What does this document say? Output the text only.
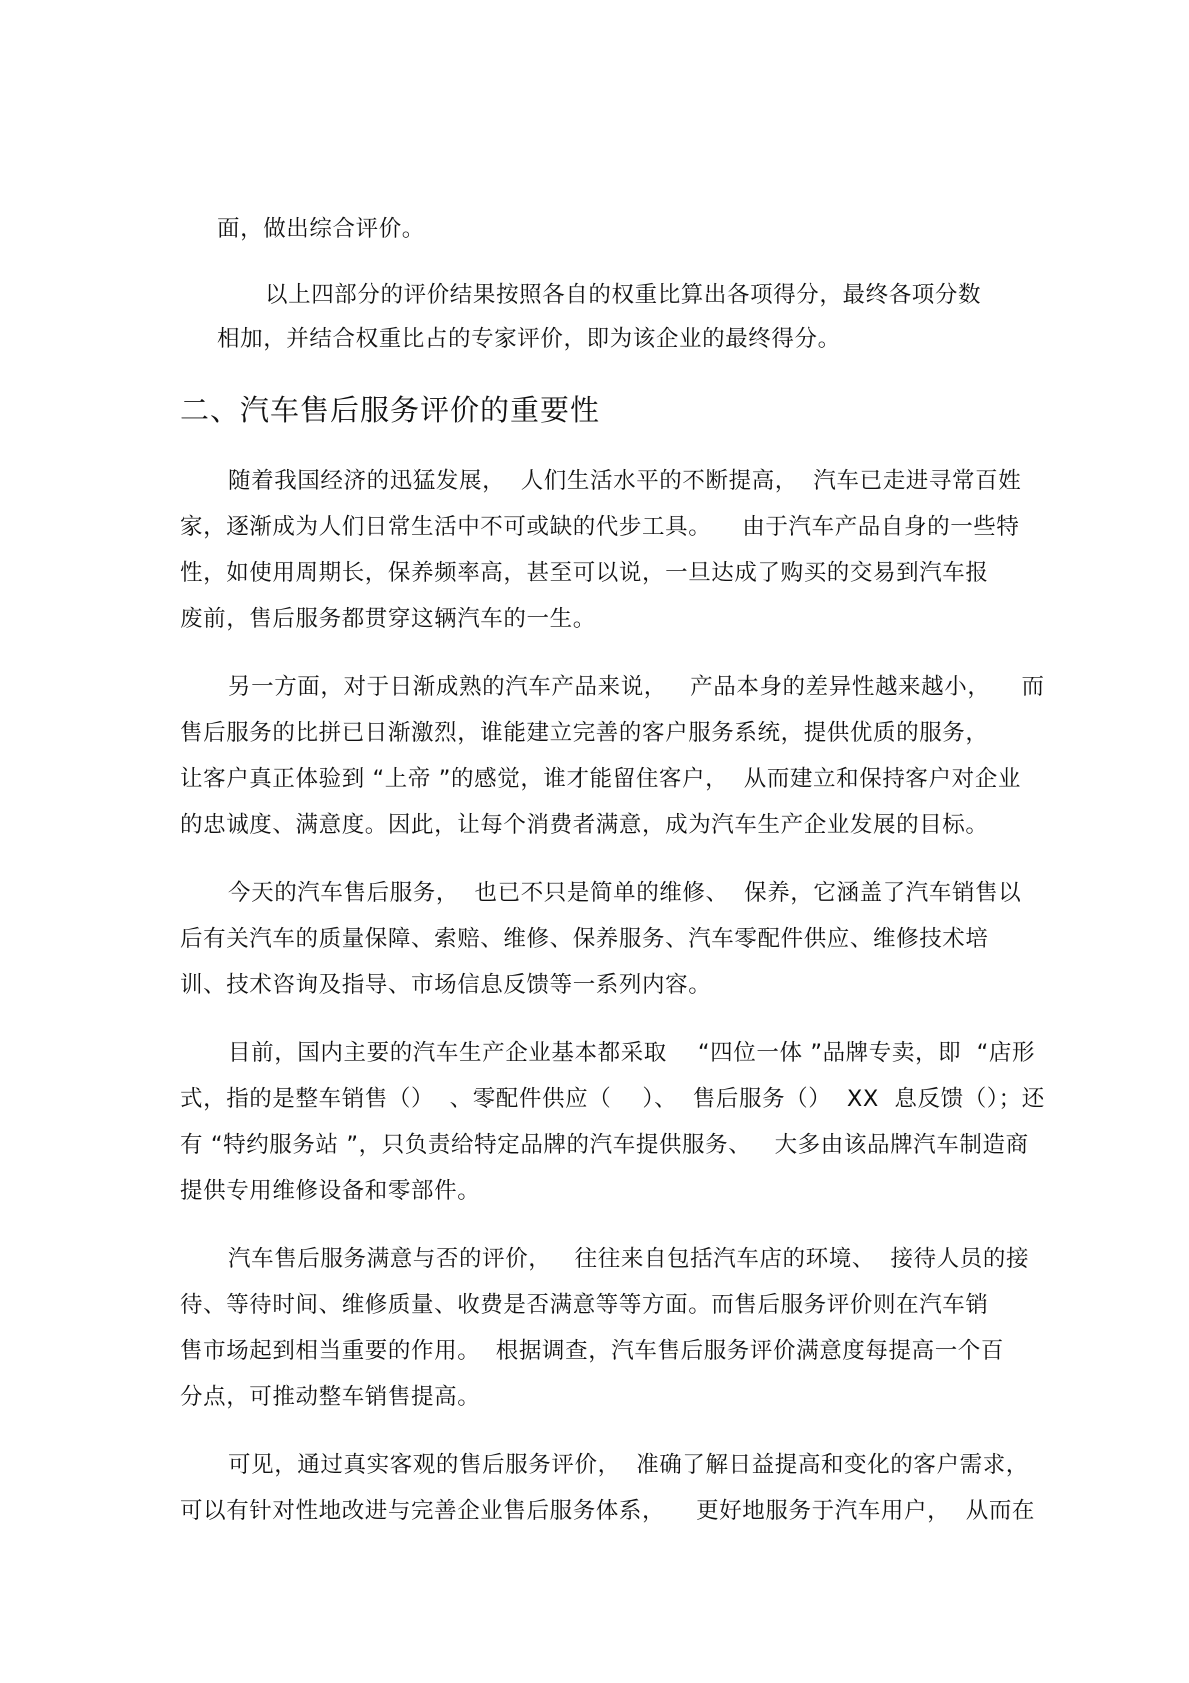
面，做出综合评价。
以上四部分的评价结果按照各自的权重比算出各项得分，最终各项分数
相加，并结合权重比占的专家评价，即为该企业的最终得分。
二、汽车售后服务评价的重要性
随着我国经济的迅猛发展，  人们生活水平的不断提高，  汽车已走进寻常百姓
家，逐渐成为人们日常生活中不可或缺的代步工具。    由于汽车产品自身的一些特
性，如使用周期长，保养频率高，甚至可以说，一旦达成了购买的交易到汽车报
废前，售后服务都贯穿这辆汽车的一生。
另一方面，对于日渐成熟的汽车产品来说，   产品本身的差异性越来越小，    而
售后服务的比拼已日渐激烈，谁能建立完善的客户服务系统，提供优质的服务，
让客户真正体验到 “上帝 ”的感觉，谁才能留住客户，  从而建立和保持客户对企业
的忠诚度、满意度。因此，让每个消费者满意，成为汽车生产企业发展的目标。
今天的汽车售后服务，  也已不只是简单的维修、  保养，它涵盖了汽车销售以
后有关汽车的质量保障、索赔、维修、保养服务、汽车零配件供应、维修技术培
训、技术咨询及指导、市场信息反馈等一系列内容。
目前，国内主要的汽车生产企业基本都采取    “四位一体 ”品牌专卖，即  “店形
式，指的是整车销售（）  、零配件供应（    ）、  售后服务（）  XX  息反馈（）；还
有 “特约服务站 ”，只负责给特定品牌的汽车提供服务、   大多由该品牌汽车制造商
提供专用维修设备和零部件。
汽车售后服务满意与否的评价，   往往来自包括汽车店的环境、  接待人员的接
待、等待时间、维修质量、收费是否满意等等方面。而售后服务评价则在汽车销
售市场起到相当重要的作用。  根据调查，汽车售后服务评价满意度每提高一个百
分点，可推动整车销售提高。
可见，通过真实客观的售后服务评价，  准确了解日益提高和变化的客户需求，
可以有针对性地改进与完善企业售后服务体系，    更好地服务于汽车用户，  从而在
